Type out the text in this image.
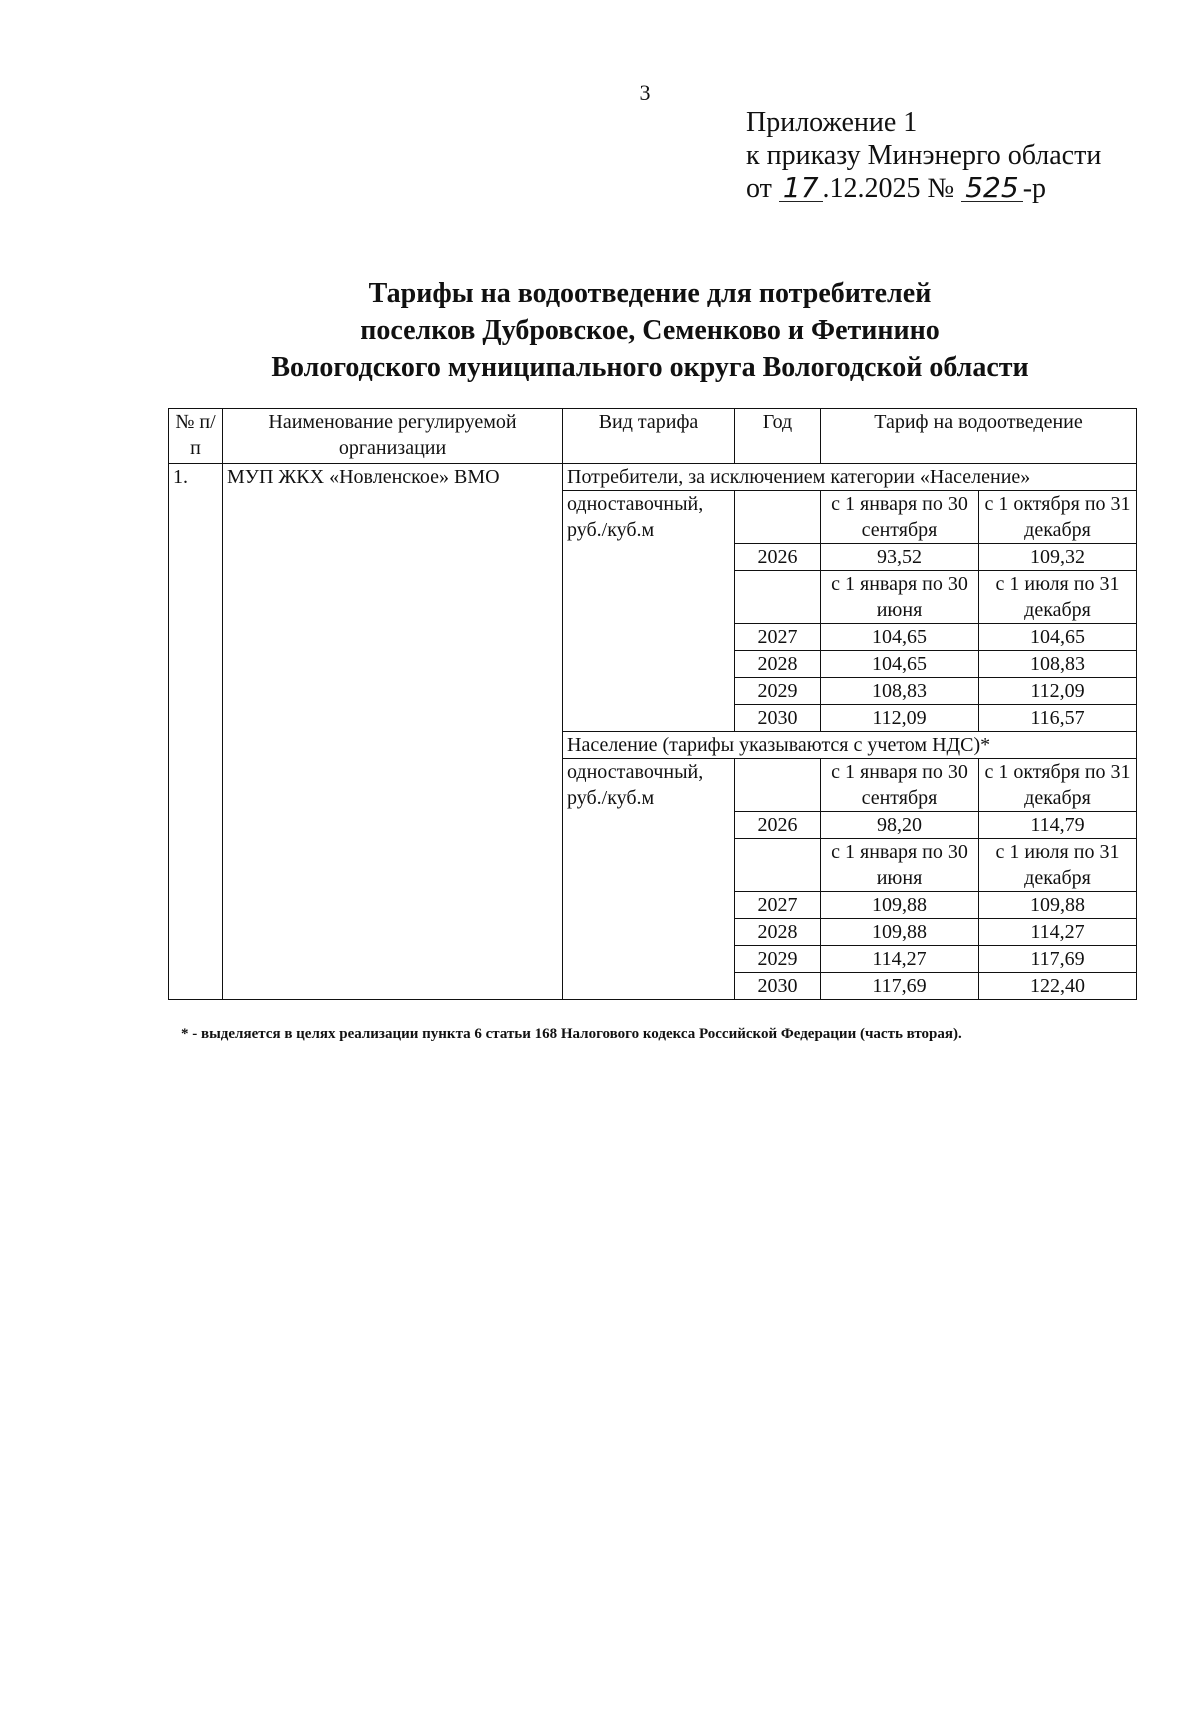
3
Приложение 1
к приказу Минэнерго области
от 17 .12.2025 № 525 -р
Тарифы на водоотведение для потребителей
поселков Дубровское, Семенково и Фетинино
Вологодского муниципального округа Вологодской области
№ п/п	Наименование регулируемой организации	Вид тарифа	Год	Тариф на водоотведение	
1.	МУП ЖКХ «Новленское» ВМО	Потребители, за исключением категории «Население»			
		одноставочный, руб./куб.м		с 1 января по 30 сентября	с 1 октября по 31 декабря
			2026	93,52	109,32
				с 1 января по 30 июня	с 1 июля по 31 декабря
			2027	104,65	104,65
			2028	104,65	108,83
			2029	108,83	112,09
			2030	112,09	116,57
		Население (тарифы указываются с учетом НДС)*			
		одноставочный, руб./куб.м		с 1 января по 30 сентября	с 1 октября по 31 декабря
			2026	98,20	114,79
				с 1 января по 30 июня	с 1 июля по 31 декабря
			2027	109,88	109,88
			2028	109,88	114,27
			2029	114,27	117,69
			2030	117,69	122,40
* - выделяется в целях реализации пункта 6 статьи 168 Налогового кодекса Российской Федерации (часть вторая).
